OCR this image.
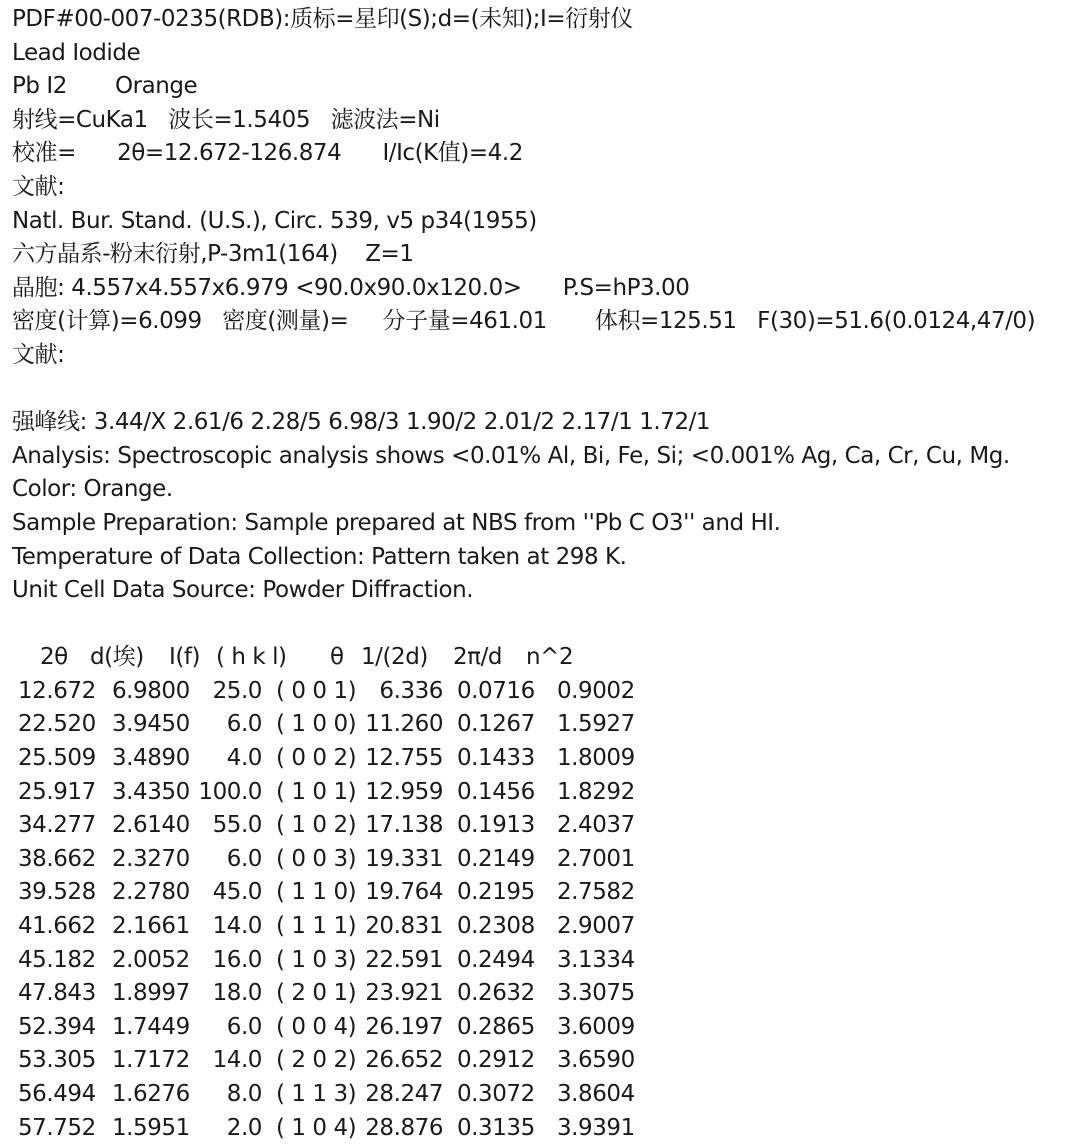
PDF#00-007-0235(RDB):质标=星印(S);d=(未知);I=衍射仪
Lead Iodide
Pb I2       Orange
射线=CuKa1   波长=1.5405   滤波法=Ni
校准=      2θ=12.672-126.874      I/Ic(K值)=4.2
文献:
Natl. Bur. Stand. (U.S.), Circ. 539, v5 p34(1955)
六方晶系-粉末衍射,P-3m1(164)    Z=1
晶胞: 4.557x4.557x6.979 <90.0x90.0x120.0>      P.S=hP3.00
密度(计算)=6.099   密度(测量)=     分子量=461.01       体积=125.51   F(30)=51.6(0.0124,47/0)
文献:
强峰线: 3.44/X 2.61/6 2.28/5 6.98/3 1.90/2 2.01/2 2.17/1 1.72/1
Analysis: Spectroscopic analysis shows <0.01% Al, Bi, Fe, Si; <0.001% Ag, Ca, Cr, Cu, Mg.
Color: Orange.
Sample Preparation: Sample prepared at NBS from ''Pb C O3'' and HI.
Temperature of Data Collection: Pattern taken at 298 K.
Unit Cell Data Source: Powder Diffraction.

2θ

d(埃)

I(f)

( h k l)

θ

1/(2d)

2π/d

n^2

12.672 6.9800 25.0 ( 0 0 1) 6.336 0.0716 0.9002
22.520 3.9450 6.0 ( 1 0 0) 11.260 0.1267 1.5927
25.509 3.4890 4.0 ( 0 0 2) 12.755 0.1433 1.8009
25.917 3.4350 100.0 ( 1 0 1) 12.959 0.1456 1.8292
34.277 2.6140 55.0 ( 1 0 2) 17.138 0.1913 2.4037
38.662 2.3270 6.0 ( 0 0 3) 19.331 0.2149 2.7001
39.528 2.2780 45.0 ( 1 1 0) 19.764 0.2195 2.7582
41.662 2.1661 14.0 ( 1 1 1) 20.831 0.2308 2.9007
45.182 2.0052 16.0 ( 1 0 3) 22.591 0.2494 3.1334
47.843 1.8997 18.0 ( 2 0 1) 23.921 0.2632 3.3075
52.394 1.7449 6.0 ( 0 0 4) 26.197 0.2865 3.6009
53.305 1.7172 14.0 ( 2 0 2) 26.652 0.2912 3.6590
56.494 1.6276 8.0 ( 1 1 3) 28.247 0.3072 3.8604
57.752 1.5951 2.0 ( 1 0 4) 28.876 0.3135 3.9391
